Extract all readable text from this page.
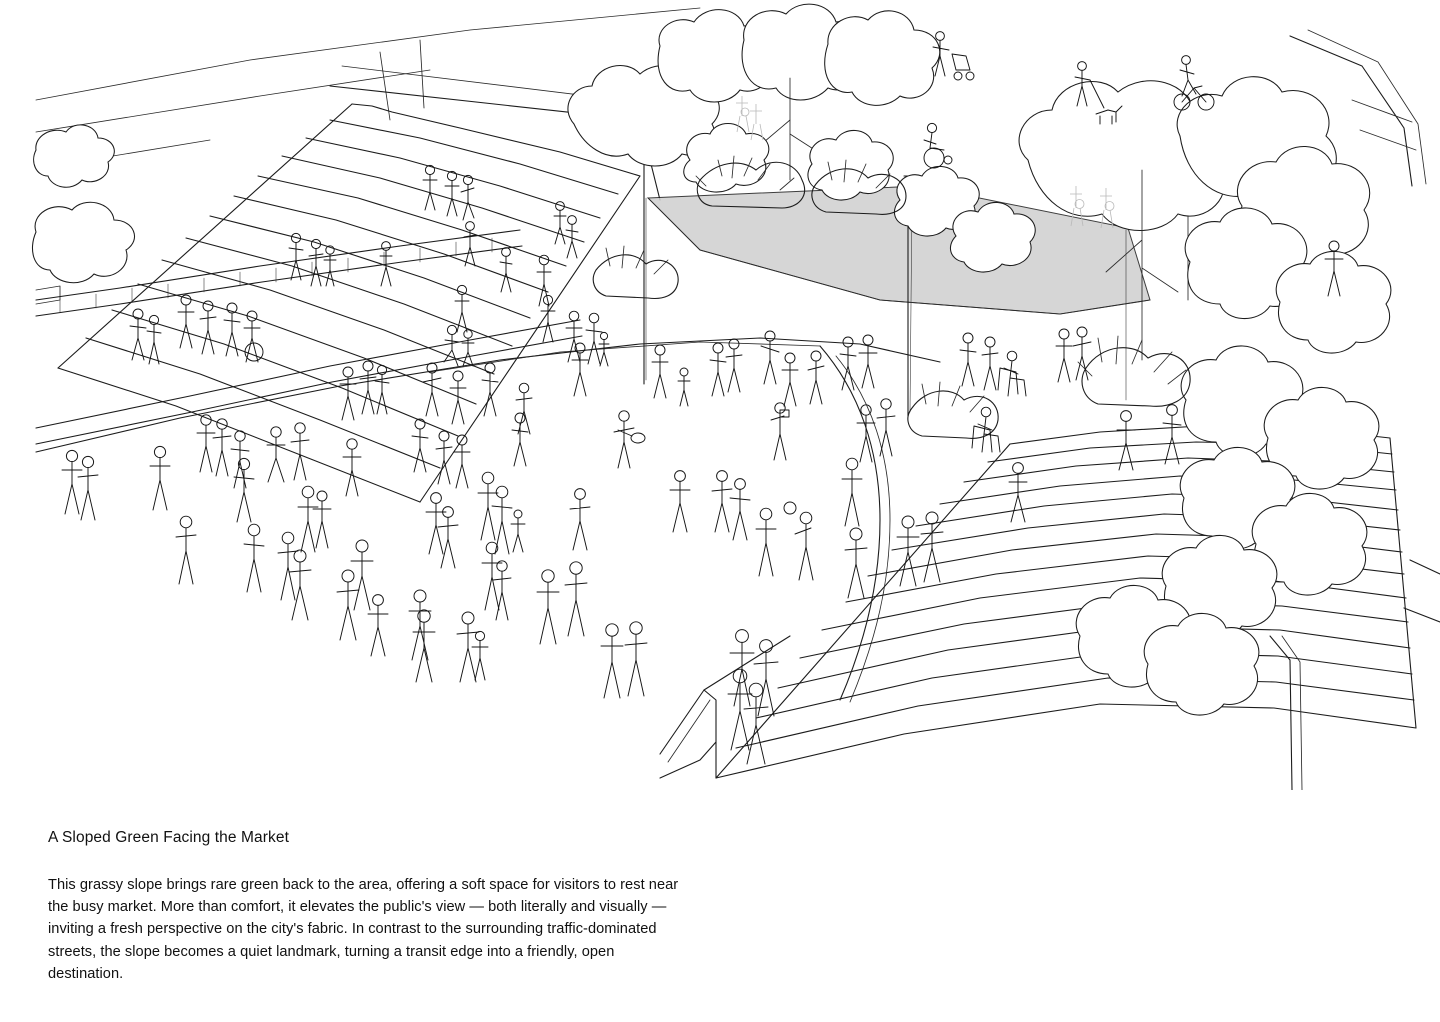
A Sloped Green Facing the Market

This grassy slope brings rare green back to the area, offering a soft space for visitors to rest near the busy market. More than comfort, it elevates the public's view — both literally and visually — inviting a fresh perspective on the city's fabric. In contrast to the surrounding traffic-dominated streets, the slope becomes a quiet landmark, turning a transit edge into a friendly, open destination.
